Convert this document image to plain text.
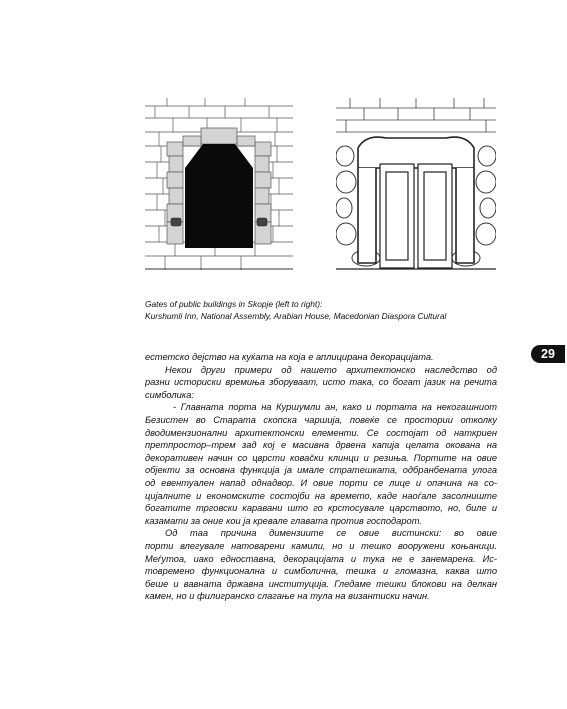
Gates of public buildings in Skopje (left to right):
Kurshumli Inn, National Assembly, Arabian House, Macedonian Diaspora Cultural
29
естетско дејство на куќата на која е аплицирана декорацијата.
Некои други примери од нашето архитектонско наследство од
разни историски времиња зборуваат, исто така, со богат јазик на речита
симболика:
- Главната порта на Куршумли ан, како и портата на некогашниот
Безистен во Старата скопска чаршија, повеќе се простории отколку
дводимензионални архитектонски елементи. Се состојат од наткриен
претпростор–трем зад кој е масивна дрвена капија целата окована на
декоративен начин со цврсти коваčки клинци и резиња. Портите на овие
објекти за основна функција ја имале стратешката, одбранбената улога
од евентуален напад однадвор. И овие порти се лице и опачина на со-
цијалните и економските состојби на времето, каде наоѓале засолниште
богатите трговски каравани што го крстосувале царството, но, биле и
казамати за оние кои ја кревале главата против господарот.
Од таа причина димензиите се овие вистински: во овие
порти влегувале натоварени камили, но и тешко вооружени коњаници.
Меѓутоа, иако едноставна, декорацијата и тука не е занемарена. Ис-
товремено функционална и симболична, тешка и гломазна, каква што
беше и вавната државна институција. Гледаме тешки блокови на делкан
камен, но и филигранско слагање на тула на византиски начин.
